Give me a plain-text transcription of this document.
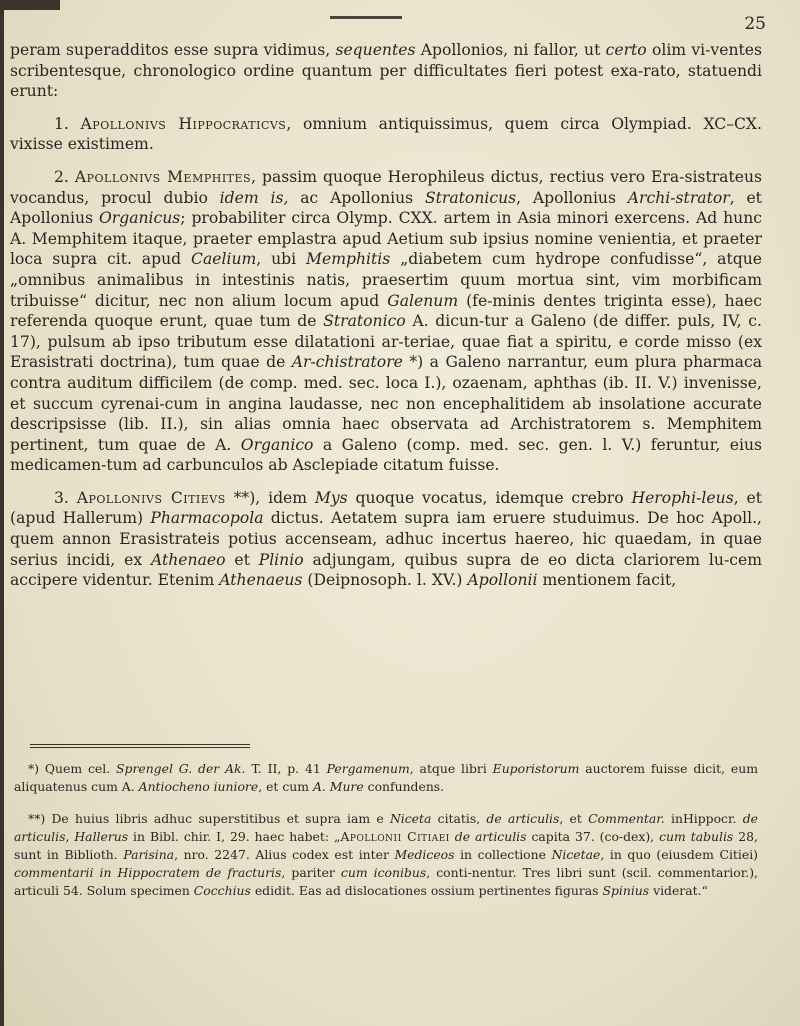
25

peram superadditos esse supra vidimus, sequentes Apollonios, ni fallor, ut certo olim vi-ventes scribentesque, chronologico ordine quantum per difficultates fieri potest exa-rato, statuendi erunt:

1. Apollonivs Hippocraticvs, omnium antiquissimus, quem circa Olympiad. XC–CX. vixisse existimem.

2. Apollonivs Memphites, passim quoque Herophileus dictus, rectius vero Era-sistrateus vocandus, procul dubio idem is, ac Apollonius Stratonicus, Apollonius Archi-strator, et Apollonius Organicus; probabiliter circa Olymp. CXX. artem in Asia minori exercens. Ad hunc A. Memphitem itaque, praeter emplastra apud Aetium sub ipsius nomine venientia, et praeter loca supra cit. apud Caelium, ubi Memphitis „diabetem cum hydrope confudisse“, atque „omnibus animalibus in intestinis natis, praesertim quum mortua sint, vim morbificam tribuisse“ dicitur, nec non alium locum apud Galenum (fe-minis dentes triginta esse), haec referenda quoque erunt, quae tum de Stratonico A. dicun-tur a Galeno (de differ. puls, IV, c. 17), pulsum ab ipso tributum esse dilatationi ar-teriae, quae fiat a spiritu, e corde misso (ex Erasistrati doctrina), tum quae de Ar-chistratore *) a Galeno narrantur, eum plura pharmaca contra auditum difficilem (de comp. med. sec. loca I.), ozaenam, aphthas (ib. II. V.) invenisse, et succum cyrenai-cum in angina laudasse, nec non encephalitidem ab insolatione accurate descripsisse (lib. II.), sin alias omnia haec observata ad Archistratorem s. Memphitem pertinent, tum quae de A. Organico a Galeno (comp. med. sec. gen. l. V.) feruntur, eius medicamen-tum ad carbunculos ab Asclepiade citatum fuisse.

3. Apollonivs Citievs **), idem Mys quoque vocatus, idemque crebro Herophi-leus, et (apud Hallerum) Pharmacopola dictus. Aetatem supra iam eruere studuimus. De hoc Apoll., quem annon Erasistrateis potius accenseam, adhuc incertus haereo, hic quaedam, in quae serius incidi, ex Athenaeo et Plinio adjungam, quibus supra de eo dicta clariorem lu-cem accipere videntur. Etenim Athenaeus (Deipnosoph. l. XV.) Apollonii mentionem facit,

*) Quem cel. Sprengel G. der Ak. T. II, p. 41 Pergamenum, atque libri Euporistorum auctorem fuisse dicit, eum aliquatenus cum A. Antiocheno iuniore, et cum A. Mure confundens.

**) De huius libris adhuc superstitibus et supra iam e Niceta citatis, de articulis, et Commentar. inHippocr. de articulis, Hallerus in Bibl. chir. I, 29. haec habet: „Apollonii Citiaei de articulis capita 37. (co-dex), cum tabulis 28, sunt in Biblioth. Parisina, nro. 2247. Alius codex est inter Mediceos in collectione Nicetae, in quo (eiusdem Citiei) commentarii in Hippocratem de fracturis, pariter cum iconibus, conti-nentur. Tres libri sunt (scil. commentarior.), articuli 54. Solum specimen Cocchius edidit. Eas ad dislocationes ossium pertinentes figuras Spinius viderat.“
